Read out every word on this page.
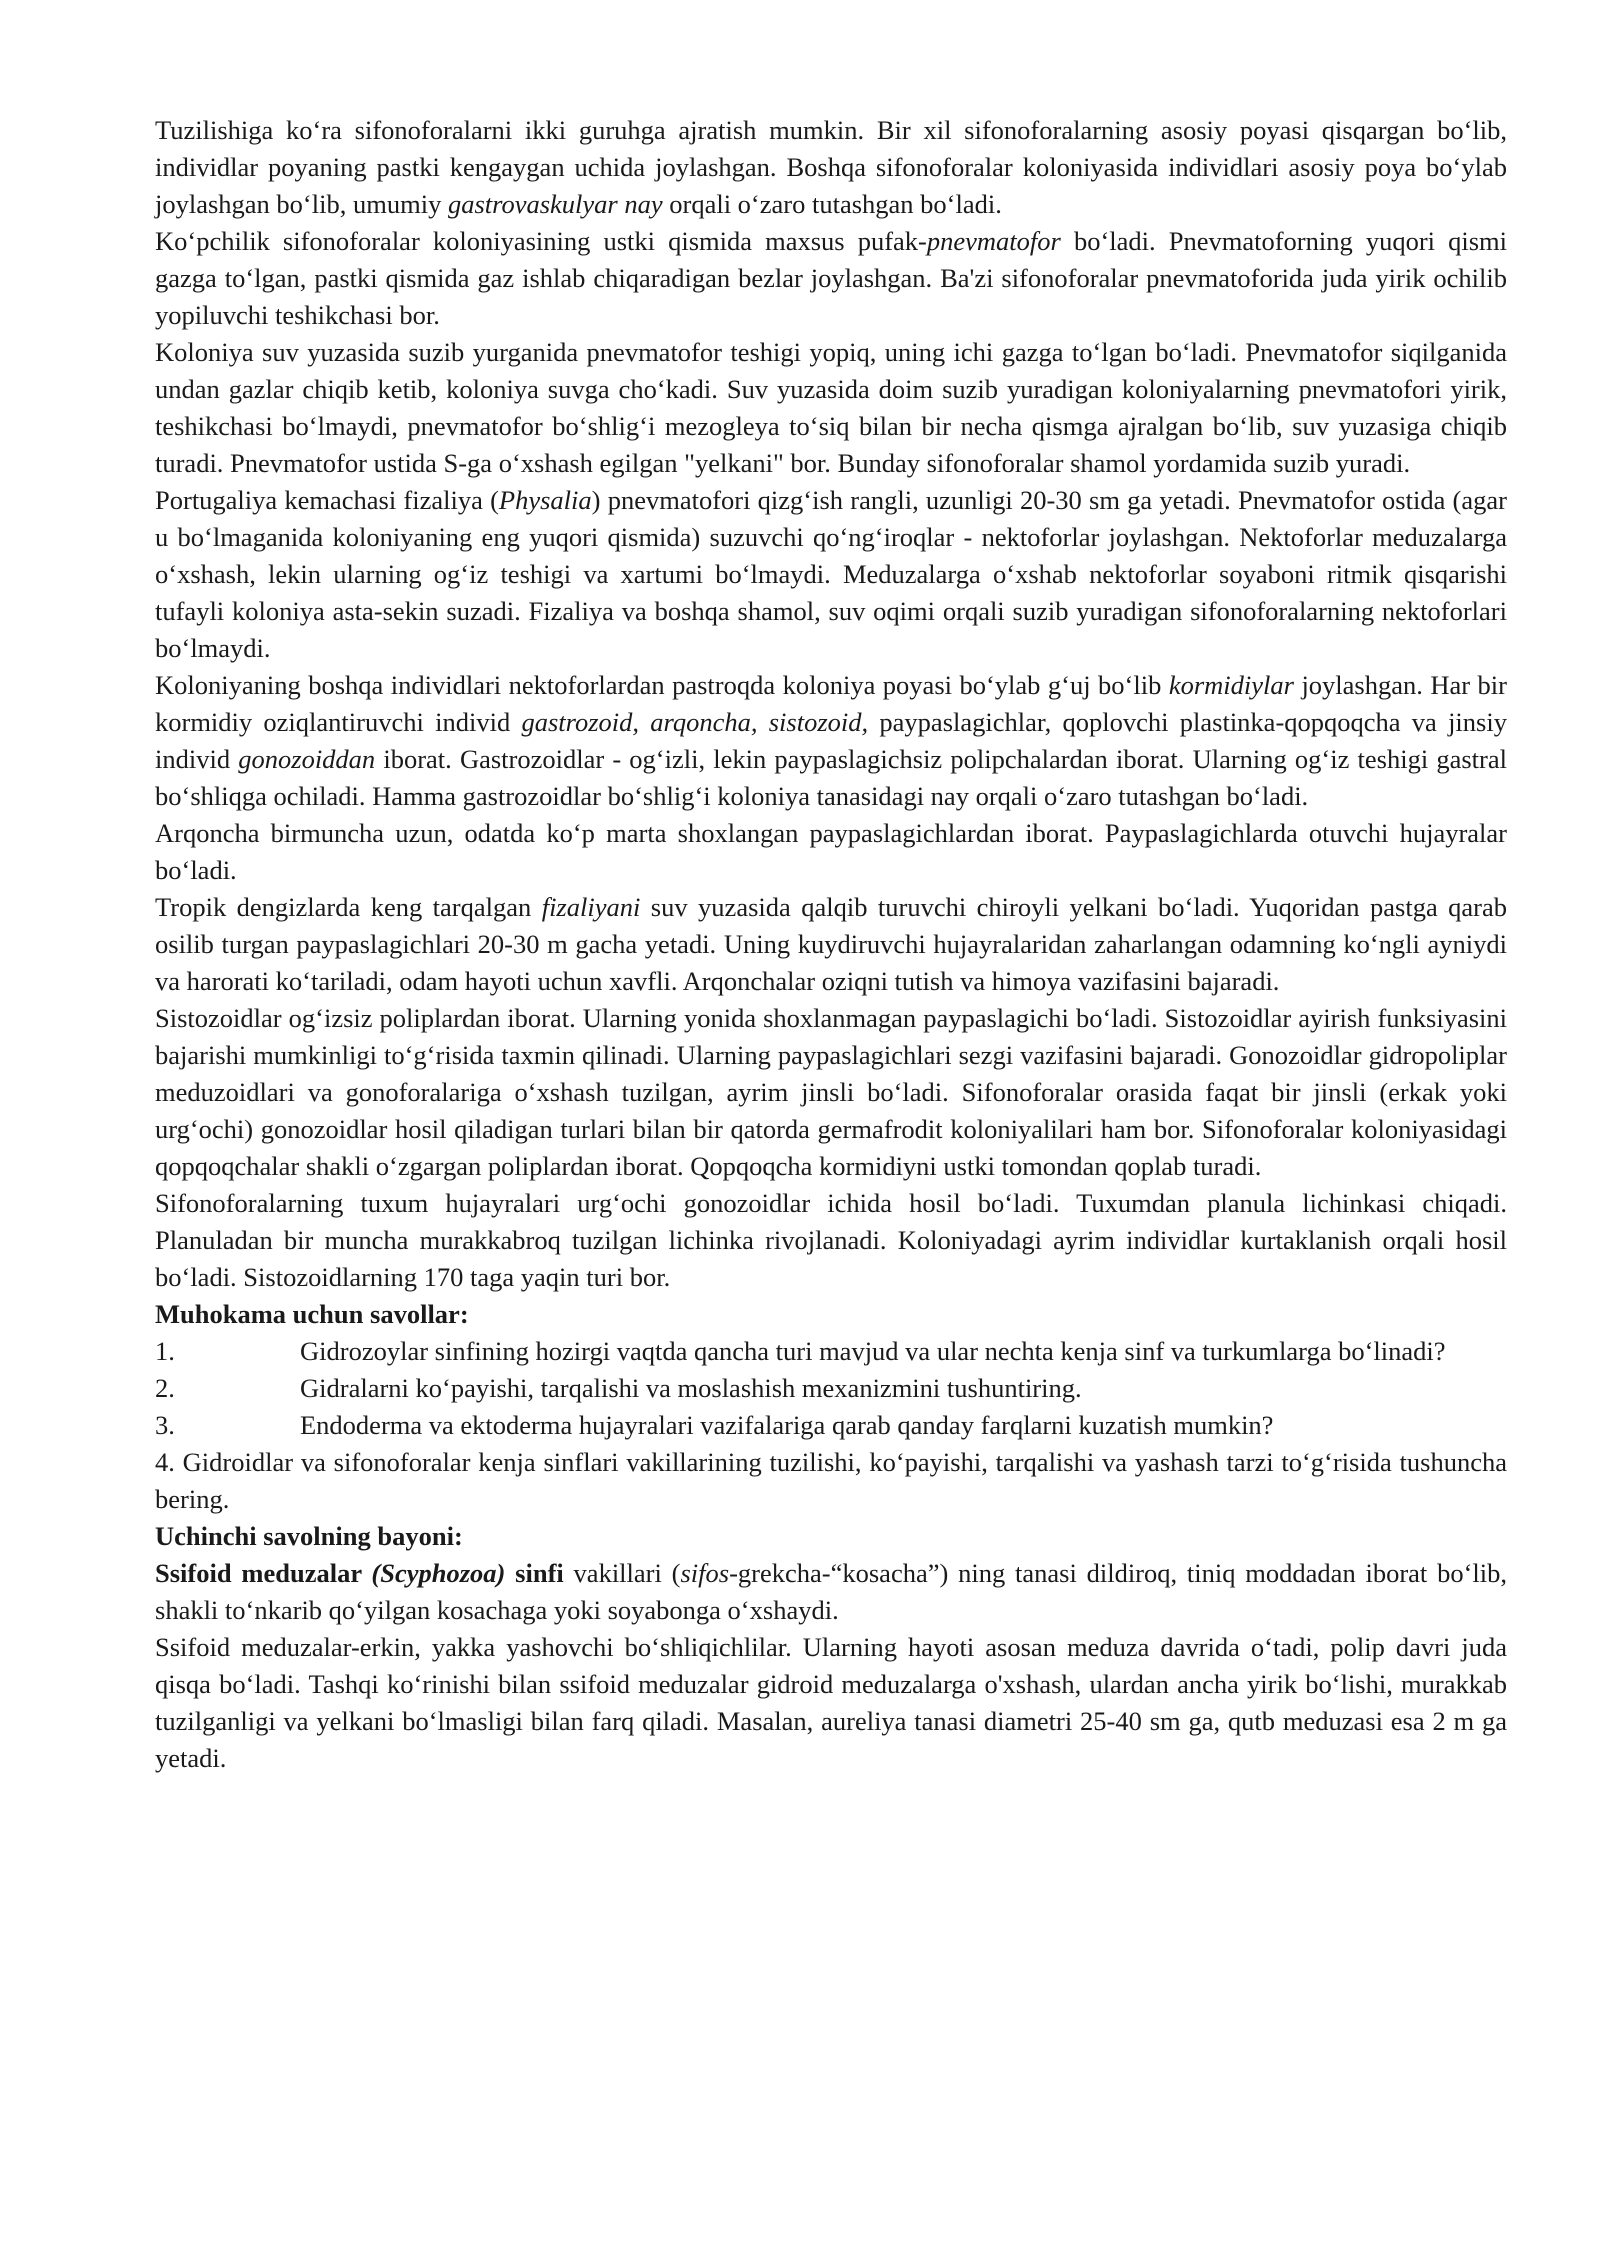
Tuzilishiga koʻra sifonoforalarni ikki guruhga ajratish mumkin. Bir xil sifonoforalarning asosiy poyasi qisqargan boʻlib, individlar poyaning pastki kengaygan uchida joylashgan. Boshqa sifonoforalar koloniyasida individlari asosiy poya boʻylab joylashgan boʻlib, umumiy gastrovaskulyar nay orqali oʻzaro tutashgan boʻladi.

Koʻpchilik sifonoforalar koloniyasining ustki qismida maxsus pufak-pnevmatofor boʻladi. Pnevmatoforning yuqori qismi gazga toʻlgan, pastki qismida gaz ishlab chiqaradigan bezlar joylashgan. Ba'zi sifonoforalar pnevmatoforida juda yirik ochilib yopiluvchi teshikchasi bor.

Koloniya suv yuzasida suzib yurganida pnevmatofor teshigi yopiq, uning ichi gazga toʻlgan boʻladi. Pnevmatofor siqilganida undan gazlar chiqib ketib, koloniya suvga choʻkadi. Suv yuzasida doim suzib yuradigan koloniyalarning pnevmatofori yirik, teshikchasi boʻlmaydi, pnevmatofor boʻshligʻi mezogleya toʻsiq bilan bir necha qismga ajralgan boʻlib, suv yuzasiga chiqib turadi. Pnevmatofor ustida S-ga oʻxshash egilgan "yelkani" bor. Bunday sifonoforalar shamol yordamida suzib yuradi.

Portugaliya kemachasi fizaliya (Physalia) pnevmatofori qizgʻish rangli, uzunligi 20-30 sm ga yetadi. Pnevmatofor ostida (agar u boʻlmaganida koloniyaning eng yuqori qismida) suzuvchi qoʻngʻiroqlar - nektoforlar joylashgan. Nektoforlar meduzalarga oʻxshash, lekin ularning ogʻiz teshigi va xartumi boʻlmaydi. Meduzalarga oʻxshab nektoforlar soyaboni ritmik qisqarishi tufayli koloniya asta-sekin suzadi. Fizaliya va boshqa shamol, suv oqimi orqali suzib yuradigan sifonoforalarning nektoforlari boʻlmaydi.

Koloniyaning boshqa individlari nektoforlardan pastroqda koloniya poyasi boʻylab gʻuj boʻlib kormidiylar joylashgan. Har bir kormidiy oziqlantiruvchi individ gastrozoid, arqoncha, sistozoid, paypaslagichlar, qoplovchi plastinka-qopqoqcha va jinsiy individ gonozoiddan iborat. Gastrozoidlar - ogʻizli, lekin paypaslagichsiz polipchalardan iborat. Ularning ogʻiz teshigi gastral boʻshliqga ochiladi. Hamma gastrozoidlar boʻshligʻi koloniya tanasidagi nay orqali oʻzaro tutashgan boʻladi.

Arqoncha birmuncha uzun, odatda koʻp marta shoxlangan paypaslagichlardan iborat. Paypaslagichlarda otuvchi hujayralar boʻladi.

Tropik dengizlarda keng tarqalgan fizaliyani suv yuzasida qalqib turuvchi chiroyli yelkani boʻladi. Yuqoridan pastga qarab osilib turgan paypaslagichlari 20-30 m gacha yetadi. Uning kuydiruvchi hujayralaridan zaharlangan odamning koʻngli ayniydi va harorati koʻtariladi, odam hayoti uchun xavfli. Arqonchalar oziqni tutish va himoya vazifasini bajaradi.

Sistozoidlar ogʻizsiz poliplardan iborat. Ularning yonida shoxlanmagan paypaslagichi boʻladi. Sistozoidlar ayirish funksiyasini bajarishi mumkinligi toʻgʻrisida taxmin qilinadi. Ularning paypaslagichlari sezgi vazifasini bajaradi. Gonozoidlar gidropoliplar meduzoidlari va gonoforalariga oʻxshash tuzilgan, ayrim jinsli boʻladi. Sifonoforalar orasida faqat bir jinsli (erkak yoki urgʻochi) gonozoidlar hosil qiladigan turlari bilan bir qatorda germafrodit koloniyalilari ham bor. Sifonoforalar koloniyasidagi qopqoqchalar shakli oʻzgargan poliplardan iborat. Qopqoqcha kormidiyni ustki tomondan qoplab turadi.

Sifonoforalarning tuxum hujayralari urgʻochi gonozoidlar ichida hosil boʻladi. Tuxumdan planula lichinkasi chiqadi. Planuladan bir muncha murakkabroq tuzilgan lichinka rivojlanadi. Koloniyadagi ayrim individlar kurtaklanish orqali hosil boʻladi. Sistozoidlarning 170 taga yaqin turi bor.

Muhokama uchun savollar:

1.	Gidrozoylar sinfining hozirgi vaqtda qancha turi mavjud va ular nechta kenja sinf va turkumlarga boʻlinadi?
2.	Gidralarni koʻpayishi, tarqalishi va moslashish mexanizmini tushuntiring.
3.	Endoderma va ektoderma hujayralari vazifalariga qarab qanday farqlarni kuzatish mumkin?

4. Gidroidlar va sifonoforalar kenja sinflari vakillarining tuzilishi, koʻpayishi, tarqalishi va yashash tarzi toʻgʻrisida tushuncha bering.

Uchinchi savolning bayoni:

Ssifoid meduzalar (Scyphozoa) sinfi vakillari (sifos-grekcha-“kosacha”) ning tanasi dildiroq, tiniq moddadan iborat boʻlib, shakli toʻnkarib qoʻyilgan kosachaga yoki soyabonga oʻxshaydi.

Ssifoid meduzalar-erkin, yakka yashovchi boʻshliqichlilar. Ularning hayoti asosan meduza davrida oʻtadi, polip davri juda qisqa boʻladi. Tashqi koʻrinishi bilan ssifoid meduzalar gidroid meduzalarga o'xshash, ulardan ancha yirik boʻlishi, murakkab tuzilganligi va yelkani boʻlmasligi bilan farq qiladi. Masalan, aureliya tanasi diametri 25-40 sm ga, qutb meduzasi esa 2 m ga yetadi.
